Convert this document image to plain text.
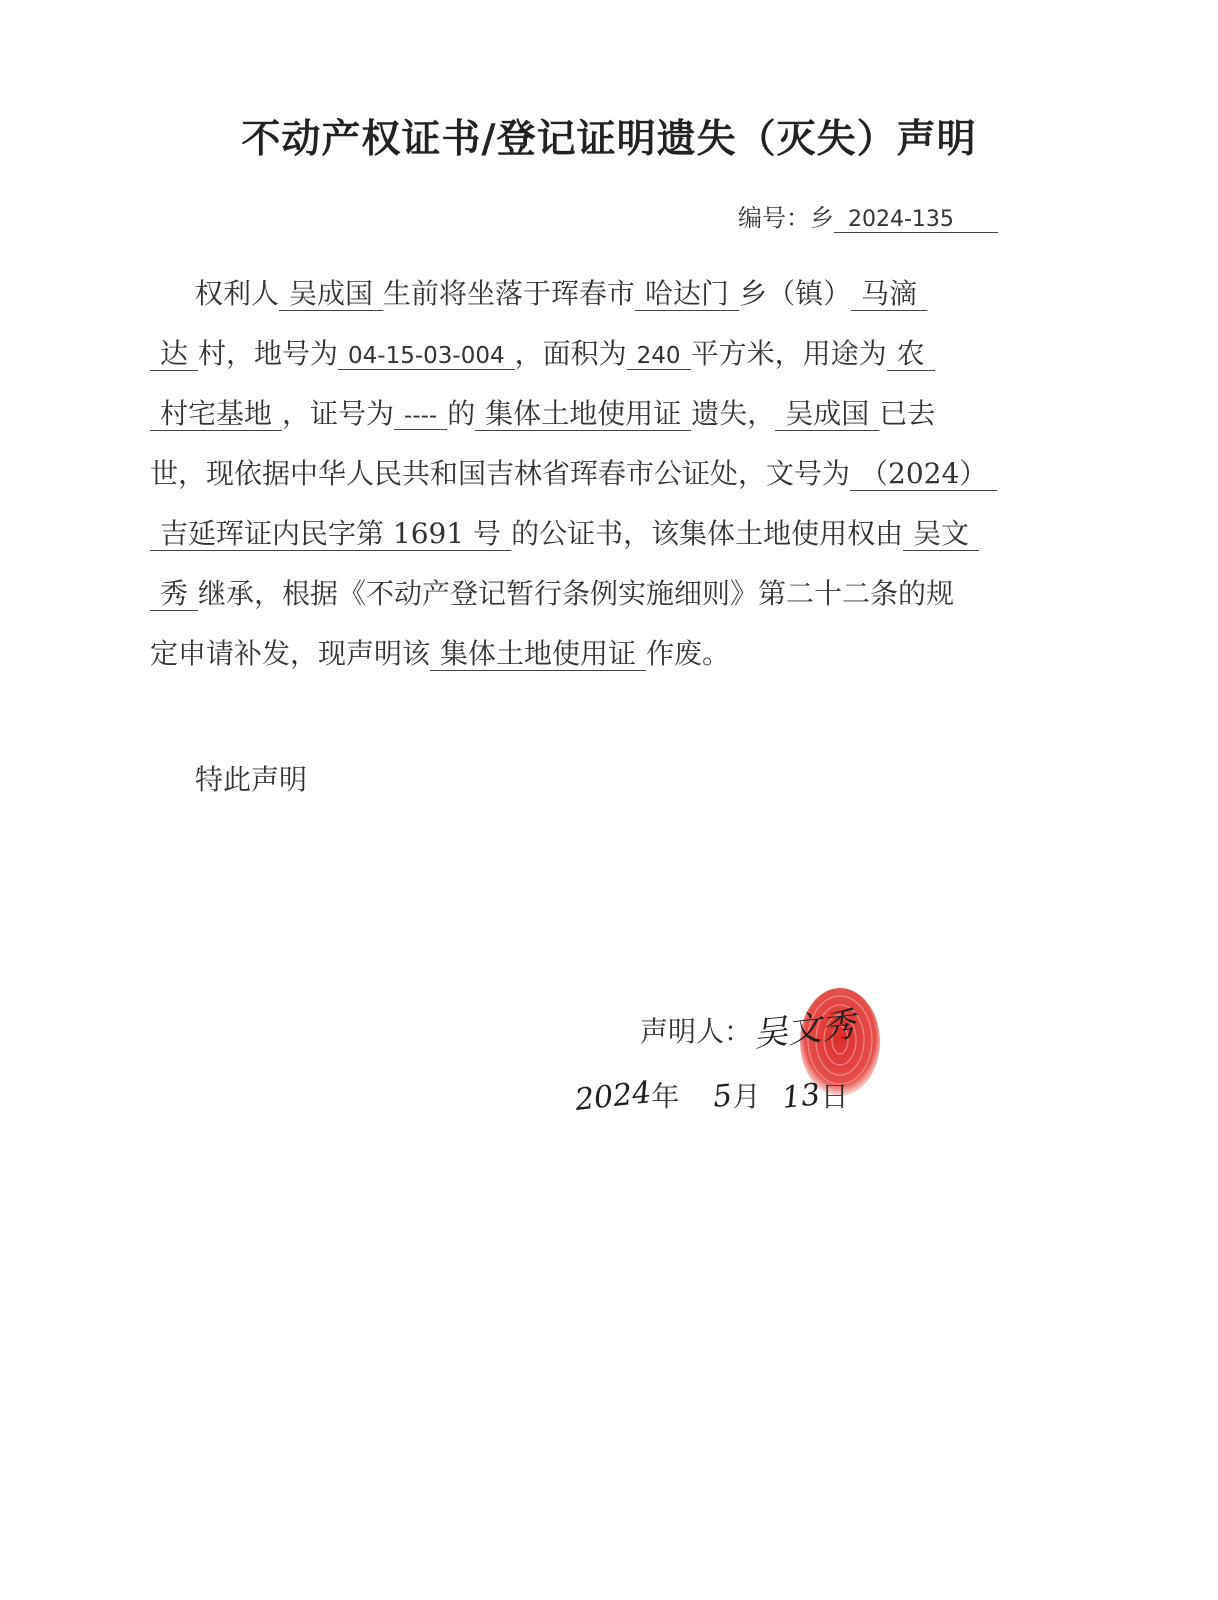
不动产权证书/登记证明遗失（灭失）声明
编号：乡 2024-135
权利人 吴成国 生前将坐落于珲春市 哈达门 乡（镇） 马滴
达 村，地号为 04-15-03-004 ，面积为 240 平方米，用途为 农
村宅基地 ，证号为 ---- 的 集体土地使用证 遗失， 吴成国 已去
世，现依据中华人民共和国吉林省珲春市公证处，文号为 （2024）
吉延珲证内民字第 1691 号 的公证书，该集体土地使用权由 吴文
秀 继承，根据《不动产登记暂行条例实施细则》第二十二条的规
定申请补发，现声明该 集体土地使用证 作废。
特此声明
声明人： 吴文秀
2024年 5月 13日
